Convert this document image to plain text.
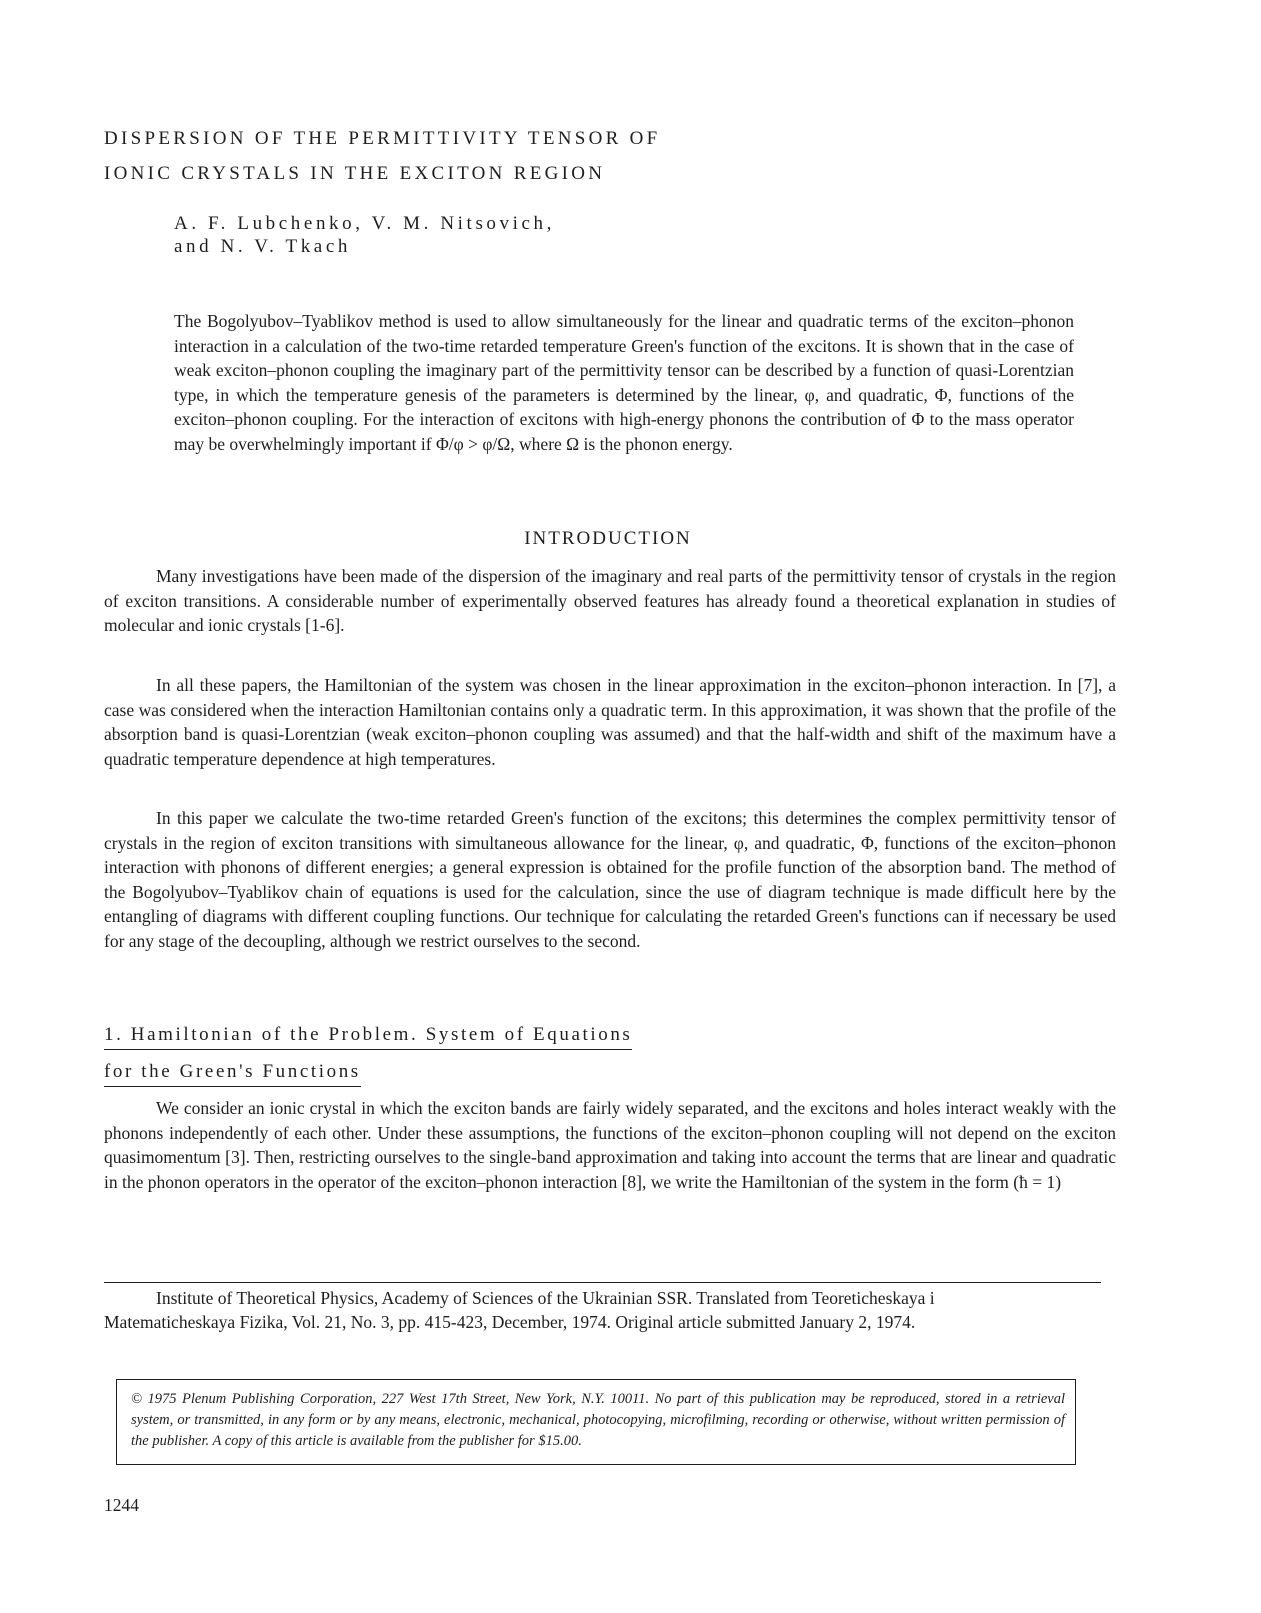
DISPERSION OF THE PERMITTIVITY TENSOR OF
IONIC CRYSTALS IN THE EXCITON REGION
A. F. Lubchenko, V. M. Nitsovich,
and N. V. Tkach

The Bogolyubov–Tyablikov method is used to allow simultaneously for the linear and quadratic terms of the exciton–phonon interaction in a calculation of the two-time retarded temperature Green's function of the excitons. It is shown that in the case of weak exciton–phonon coupling the imaginary part of the permittivity tensor can be described by a function of quasi-Lorentzian type, in which the temperature genesis of the parameters is determined by the linear, φ, and quadratic, Φ, functions of the exciton–phonon coupling. For the interaction of excitons with high-energy phonons the contribution of Φ to the mass operator may be overwhelmingly important if Φ/φ > φ/Ω, where Ω is the phonon energy.

INTRODUCTION

Many investigations have been made of the dispersion of the imaginary and real parts of the permittivity tensor of crystals in the region of exciton transitions. A considerable number of experimentally observed features has already found a theoretical explanation in studies of molecular and ionic crystals [1-6].

In all these papers, the Hamiltonian of the system was chosen in the linear approximation in the exciton–phonon interaction. In [7], a case was considered when the interaction Hamiltonian contains only a quadratic term. In this approximation, it was shown that the profile of the absorption band is quasi-Lorentzian (weak exciton–phonon coupling was assumed) and that the half-width and shift of the maximum have a quadratic temperature dependence at high temperatures.

In this paper we calculate the two-time retarded Green's function of the excitons; this determines the complex permittivity tensor of crystals in the region of exciton transitions with simultaneous allowance for the linear, φ, and quadratic, Φ, functions of the exciton–phonon interaction with phonons of different energies; a general expression is obtained for the profile function of the absorption band. The method of the Bogolyubov–Tyablikov chain of equations is used for the calculation, since the use of diagram technique is made difficult here by the entangling of diagrams with different coupling functions. Our technique for calculating the retarded Green's functions can if necessary be used for any stage of the decoupling, although we restrict ourselves to the second.

1. Hamiltonian of the Problem. System of Equations
for the Green's Functions

We consider an ionic crystal in which the exciton bands are fairly widely separated, and the excitons and holes interact weakly with the phonons independently of each other. Under these assumptions, the functions of the exciton–phonon coupling will not depend on the exciton quasimomentum [3]. Then, restricting ourselves to the single-band approximation and taking into account the terms that are linear and quadratic in the phonon operators in the operator of the exciton–phonon interaction [8], we write the Hamiltonian of the system in the form (ħ = 1)

Institute of Theoretical Physics, Academy of Sciences of the Ukrainian SSR. Translated from Teoreticheskaya i Matematicheskaya Fizika, Vol. 21, No. 3, pp. 415-423, December, 1974. Original article submitted January 2, 1974.

© 1975 Plenum Publishing Corporation, 227 West 17th Street, New York, N.Y. 10011. No part of this publication may be reproduced, stored in a retrieval system, or transmitted, in any form or by any means, electronic, mechanical, photocopying, microfilming, recording or otherwise, without written permission of the publisher. A copy of this article is available from the publisher for $15.00.

1244
